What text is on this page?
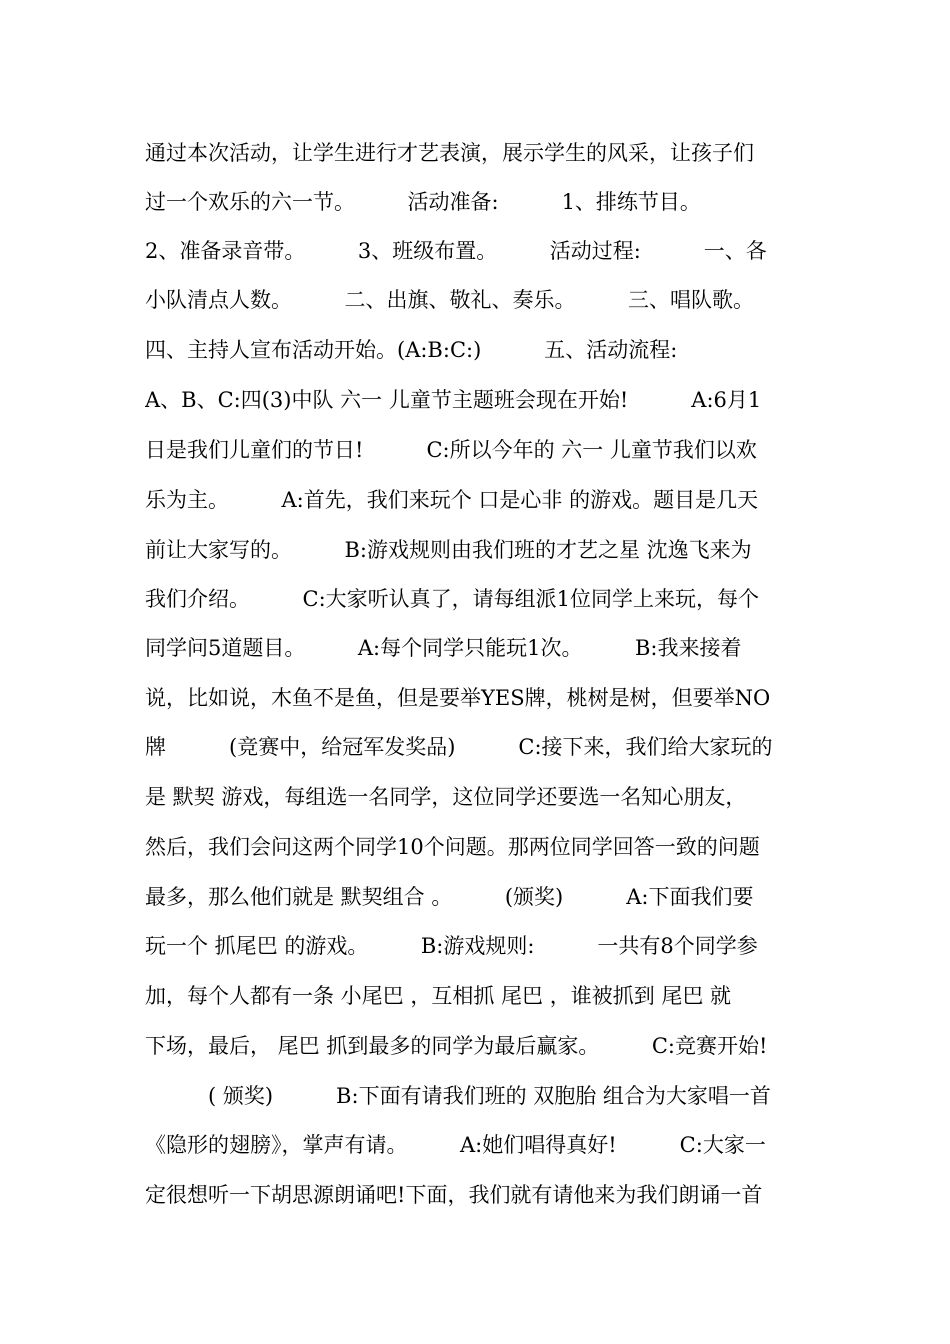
通过本次活动，让学生进行才艺表演，展示学生的风采，让孩子们
过一个欢乐的六一节。　　　活动准备:　　　1、排练节目。
2、准备录音带。　　　3、班级布置。　　　活动过程:　　　一、各
小队清点人数。　　　二、出旗、敬礼、奏乐。　　　三、唱队歌。
四、主持人宣布活动开始。(A:B:C:)　　　五、活动流程:
A、B、C:四(3)中队 六一 儿童节主题班会现在开始!　　　A:6月1
日是我们儿童们的节日!　　　C:所以今年的 六一 儿童节我们以欢
乐为主。　　　A:首先，我们来玩个 口是心非 的游戏。题目是几天
前让大家写的。　　　B:游戏规则由我们班的才艺之星 沈逸飞来为
我们介绍。　　　C:大家听认真了，请每组派1位同学上来玩，每个
同学问5道题目。　　　A:每个同学只能玩1次。　　　B:我来接着
说，比如说，木鱼不是鱼，但是要举YES牌，桃树是树，但要举NO
牌　　　(竞赛中，给冠军发奖品)　　　C:接下来，我们给大家玩的
是 默契 游戏，每组选一名同学，这位同学还要选一名知心朋友，
然后，我们会问这两个同学10个问题。那两位同学回答一致的问题
最多，那么他们就是 默契组合 。　　　(颁奖)　　　A:下面我们要
玩一个 抓尾巴 的游戏。　　　B:游戏规则:　　　一共有8个同学参
加，每个人都有一条 小尾巴 ，互相抓 尾巴 ，谁被抓到 尾巴 就
下场，最后， 尾巴 抓到最多的同学为最后赢家。　　　C:竞赛开始!
　　　( 颁奖)　　　B:下面有请我们班的 双胞胎 组合为大家唱一首
《隐形的翅膀》，掌声有请。　　　A:她们唱得真好!　　　C:大家一
定很想听一下胡思源朗诵吧!下面，我们就有请他来为我们朗诵一首
